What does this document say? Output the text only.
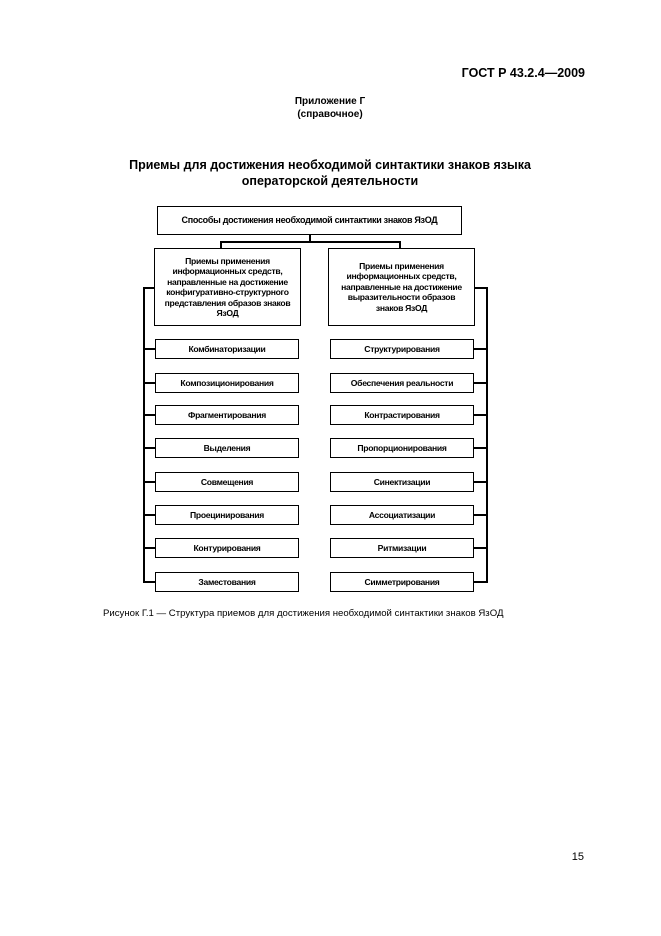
ГОСТ Р 43.2.4—2009
Приложение Г
(справочное)
Приемы для достижения необходимой синтактики знаков языка
операторской деятельности
Способы достижения необходимой синтактики знаков ЯзОД
Приемы применения информационных средств, направленные на достижение конфигуративно-структурного представления образов знаков ЯзОД
Приемы применения информационных средств, направленные на достижение выразительности образов знаков ЯзОД
Комбинаторизации
Композиционирования
Фрагментирования
Выделения
Совмещения
Проецинирования
Контурирования
Заместования
Структурирования
Обеспечения реальности
Контрастирования
Пропорционирования
Синектизации
Ассоциатизации
Ритмизации
Симметрирования
Рисунок Г.1 — Структура приемов для достижения необходимой синтактики знаков ЯзОД
15
